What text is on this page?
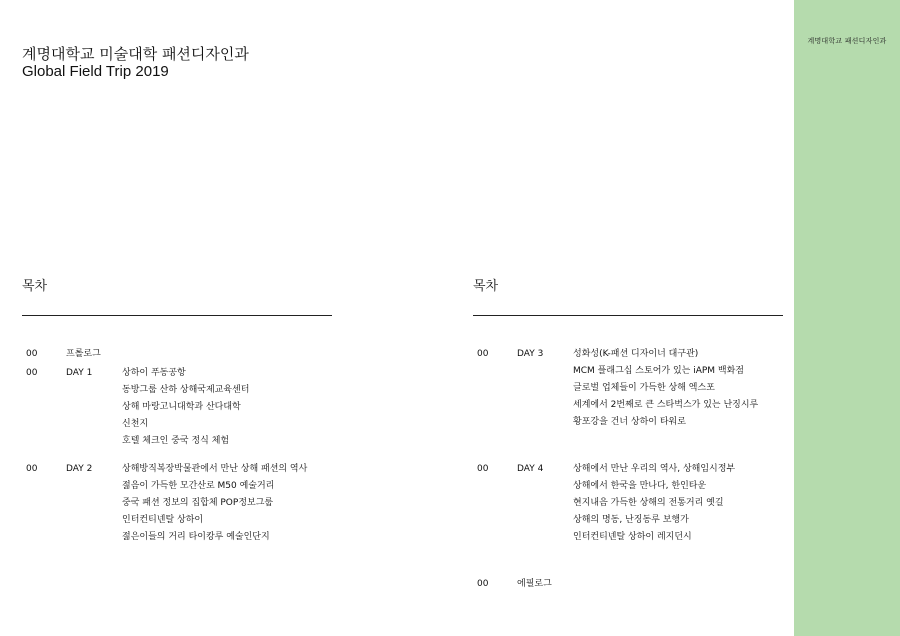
계명대학교 패션디자인과
계명대학교 미술대학 패션디자인과
Global Field Trip 2019
목차
00	프롤로그
00	DAY 1	상하이 푸동공항
동방그룹 산하 상해국제교육센터
상해 마랑고니대학과 산다대학
신천지
호텔 체크인 중국 정식 체험
00	DAY 2	상해방직복장박물관에서 만난 상해 패션의 역사
젊음이 가득한 모간산로 M50 예술거리
중국 패션 정보의 집합체 POP정보그룹
인터컨티넨탈 상하이
젊은이들의 거리 타이캉루 예술인단지
목차
00	DAY 3	성화성(K-패션 디자이너 대구관)
MCM 플래그십 스토어가 있는 iAPM 백화점
글로벌 업체들이 가득한 상해 엑스포
세계에서 2번째로 큰 스타벅스가 있는 난징시루
황포강을 건너 상하이 타워로
00	DAY 4	상해에서 만난 우리의 역사, 상해임시정부
상해에서 한국을 만나다, 한인타운
현지내음 가득한 상해의 전통거리 옛길
상해의 명동, 난징동루 보행가
인터컨티넨탈 상하이 레지던시
00	에필로그
